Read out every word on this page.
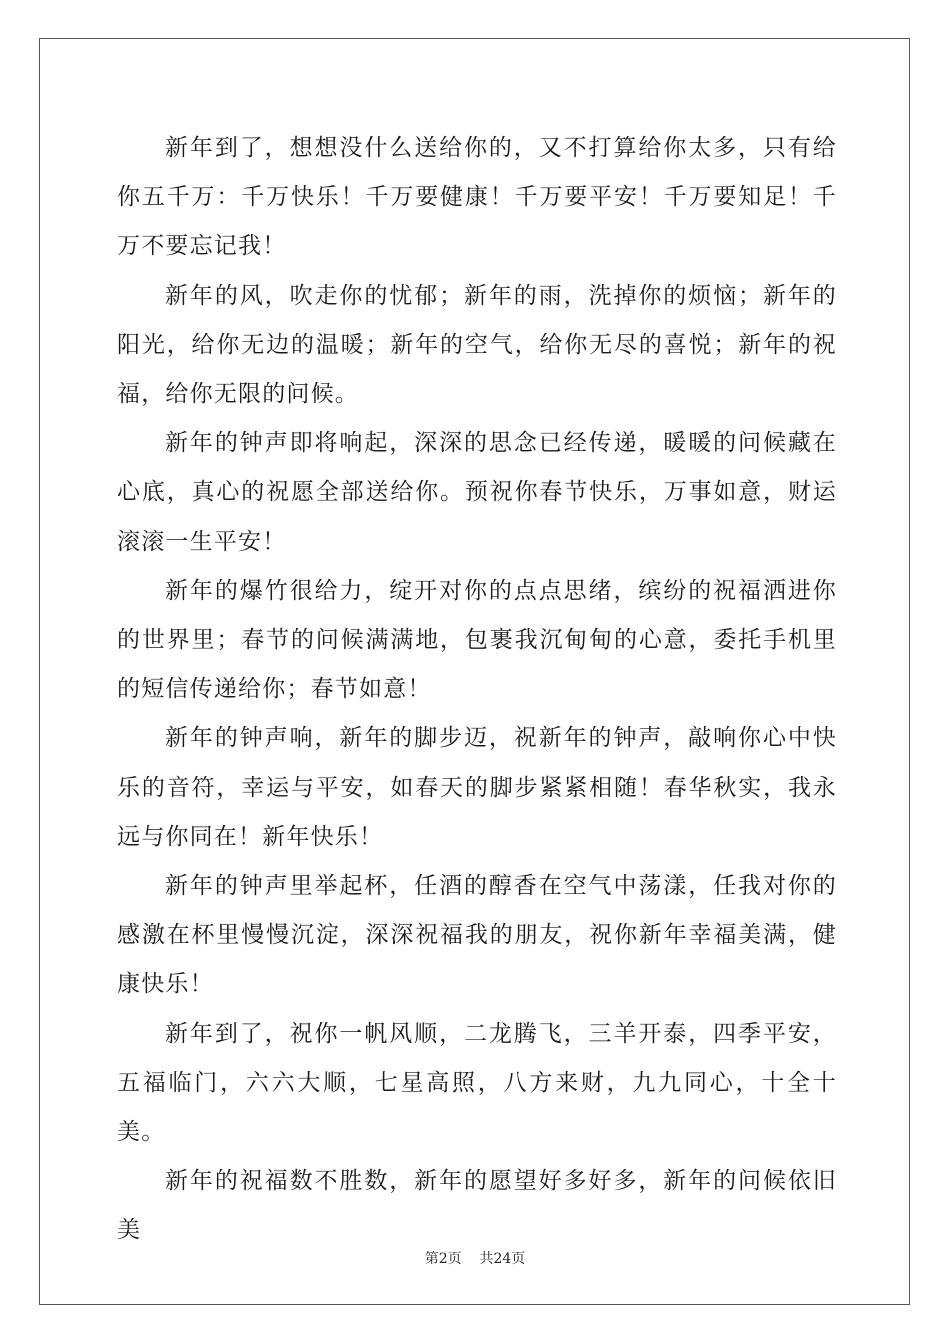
新年到了，想想没什么送给你的，又不打算给你太多，只有给你五千万：千万快乐！千万要健康！千万要平安！千万要知足！千万不要忘记我！

新年的风，吹走你的忧郁；新年的雨，洗掉你的烦恼；新年的阳光，给你无边的温暖；新年的空气，给你无尽的喜悦；新年的祝福，给你无限的问候。

新年的钟声即将响起，深深的思念已经传递，暖暖的问候藏在心底，真心的祝愿全部送给你。预祝你春节快乐，万事如意，财运滚滚一生平安！

新年的爆竹很给力，绽开对你的点点思绪，缤纷的祝福洒进你的世界里；春节的问候满满地，包裹我沉甸甸的心意，委托手机里的短信传递给你；春节如意！

新年的钟声响，新年的脚步迈，祝新年的钟声，敲响你心中快乐的音符，幸运与平安，如春天的脚步紧紧相随！春华秋实，我永远与你同在！新年快乐！

新年的钟声里举起杯，任酒的醇香在空气中荡漾，任我对你的感激在杯里慢慢沉淀，深深祝福我的朋友，祝你新年幸福美满，健康快乐！

新年到了，祝你一帆风顺，二龙腾飞，三羊开泰，四季平安，五福临门，六六大顺，七星高照，八方来财，九九同心，十全十美。

新年的祝福数不胜数，新年的愿望好多好多，新年的问候依旧美

第2页    共24页
